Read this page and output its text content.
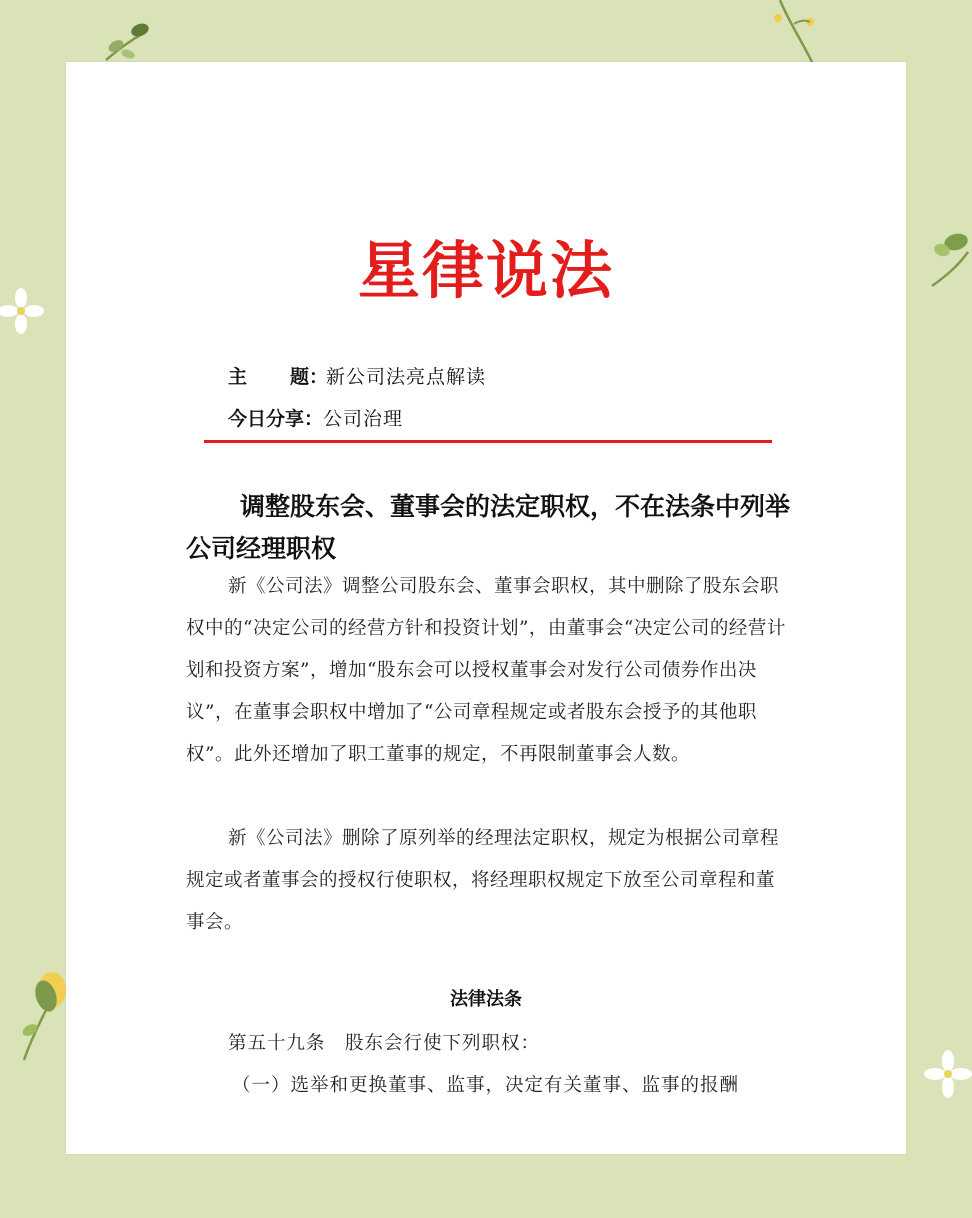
星律说法
主 题：新公司法亮点解读
今日分享：公司治理
调整股东会、董事会的法定职权，不在法条中列举公司经理职权

新《公司法》调整公司股东会、董事会职权，其中删除了股东会职权中的“决定公司的经营方针和投资计划”，由董事会“决定公司的经营计划和投资方案”，增加“股东会可以授权董事会对发行公司债券作出决议”，在董事会职权中增加了“公司章程规定或者股东会授予的其他职权”。此外还增加了职工董事的规定，不再限制董事会人数。

新《公司法》删除了原列举的经理法定职权，规定为根据公司章程规定或者董事会的授权行使职权，将经理职权规定下放至公司章程和董事会。

法律法条
第五十九条　股东会行使下列职权：
（一）选举和更换董事、监事，决定有关董事、监事的报酬
